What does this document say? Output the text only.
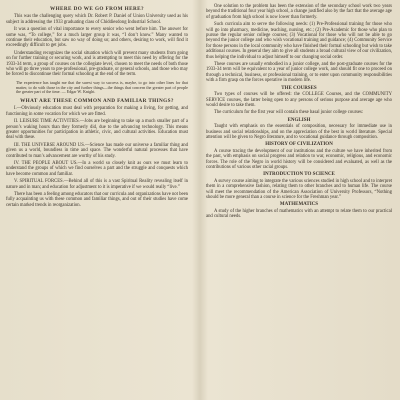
WHERE DO WE GO FROM HERE?

This was the challenging query which Dr. Robert P. Daniel of Union University used as his subject in addressing the 1933 graduating class of Chiddiesdong Industrial School.

It was a question of vital importance to every senior who went before him. The answer for some was, “To college,” for a much larger group it was, “I don’t know.” Many wanted to continue their education, but saw no way of doing so; and others, desiring to work, will find it exceedingly difficult to get jobs.

Understanding recognizes the social situation which will prevent many students from going on for further training or securing work, and is attempting to meet this need by offering for the 1933-34 term, a group of courses on the collegiate level, chosen to meet the needs of both those who will go three years to pre-professional, pre-graduate, or general schools, and those who may be forced to discontinue their formal schooling at the end of the term.

The experience has taught me that the surest way to success is, maybe, to go into other lines for that matter, to do with those in the city and further things—the things that concern the greater part of people the greater part of the time. — Edgar W. Knight.
WHAT ARE THESE COMMON AND FAMILIAR THINGS?

I.—Obviously education must deal with preparation for making a living, for getting, and functioning in some vocation for which we are fitted.

II. LEISURE TIME ACTIVITIES.—Jobs are beginning to take up a much smaller part of a person’s waking hours than they formerly did, due to the advancing technology. This means greater opportunities for participation in athletic, civic, and cultural activities. Education must deal with these.

III. THE UNIVERSE AROUND US.—Science has made our universe a familiar thing and given us a world, boundless in time and space. The wonderful natural processes that have contributed to man’s advancement are worthy of his study.

IV. THE PEOPLE ABOUT US.—In a world so closely knit as ours we must learn to understand the groups of which we find ourselves a part and the struggle and conquests which have become common and familiar.

V. SPIRITUAL FORCES.—Behind all of this is a vast Spiritual Reality revealing itself in nature and in man; and education for adjustment to it is imperative if we would really “live.”

There has been a feeling among educators that our curricula and organizations have not been fully acquainting us with these common and familiar things, and out of their studies have come certain marked trends in reorganization.

One solution to the problem has been the extension of the secondary school work two years beyond the traditional four year high school, a change justified also by the fact that the average age of graduation from high school is now lower than formerly.

Such curricula aim to serve the following needs: (1) Pre-Professional training for those who will go into pharmacy, medicine, teaching, nursing, etc.; (2) Pre-Academic for those who plan to pursue the regular senior college courses; (3) Vocational for those who will not be able to go beyond the junior college and who wish vocational training and guidance; (4) Community Service for those persons in the local community who have finished their formal schooling but wish to take additional courses. In general they aim to give all students a broad cultural view of our civilization, thus helping the individual to adjust himself to our changing social order.

These courses are usually embodied in a junior college, and the post-graduate courses for the 1933-34 term will be equivalent to a year of junior college work, and should fit one to proceed on through a technical, business, or professional training, or to enter upon community responsibilities with a firm grasp on the forces operative in modern life.

THE COURSES

Two types of courses will be offered: the COLLEGE Courses, and the COMMUNITY SERVICE courses, the latter being open to any persons of serious purpose and average age who would desire to take them.

The curriculum for the first year will contain these basal junior college courses:

ENGLISH

Taught with emphasis on the essentials of composition, necessary for immediate use in business and social relationships, and on the appreciation of the best in world literature. Special attention will be given to Negro literature, and to vocational guidance through composition.

HISTORY OF CIVILIZATION

A course tracing the development of our institutions and the culture we have inherited from the past, with emphasis on social progress and relation to war, economic, religious, and economic forces. The role of the Negro in world history will be considered and evaluated, as well as the contributions of various other racial groups.

INTRODUCTION TO SCIENCE

A survey course aiming to integrate the various sciences studied in high school and to interpret them in a comprehensive fashion, relating them to other branches and to human life. The course will meet the recommendation of the American Association of University Professors, “Nothing should be more general than a course in science for the Freshman year.”

MATHEMATICS

A study of the higher branches of mathematics with an attempt to relate them to our practical and cultural needs.
